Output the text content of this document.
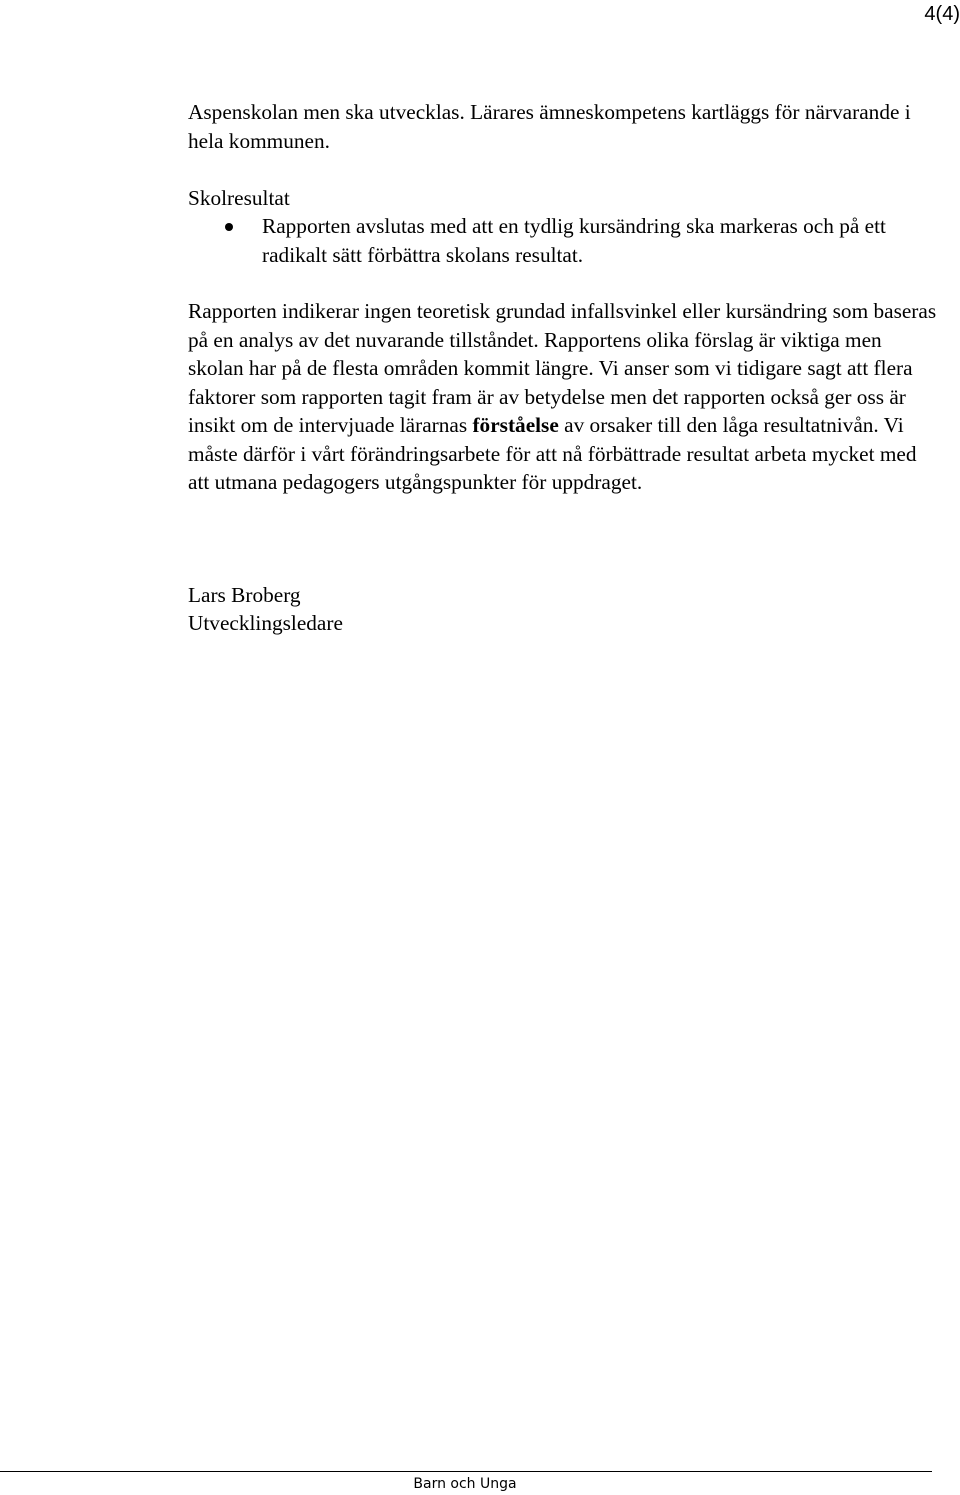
4(4)

Aspenskolan men ska utvecklas. Lärares ämneskompetens kartläggs för närvarande i hela kommunen.

Skolresultat

Rapporten avslutas med att en tydlig kursändring ska markeras och på ett radikalt sätt förbättra skolans resultat.

Rapporten indikerar ingen teoretisk grundad infallsvinkel eller kursändring som baseras på en analys av det nuvarande tillståndet. Rapportens olika förslag är viktiga men skolan har på de flesta områden kommit längre. Vi anser som vi tidigare sagt att flera faktorer som rapporten tagit fram är av betydelse men det rapporten också ger oss är insikt om de intervjuade lärarnas förståelse av orsaker till den låga resultatnivån. Vi måste därför i vårt förändringsarbete för att nå förbättrade resultat arbeta mycket med att utmana pedagogers utgångspunkter för uppdraget.

Lars Broberg

Utvecklingsledare

Barn och Unga
